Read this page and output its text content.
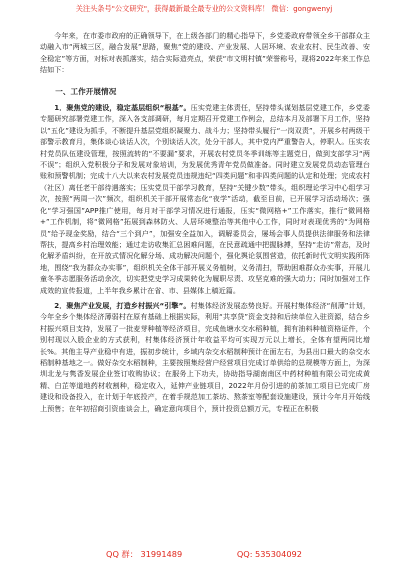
关注头条号"公文研究"，获得最新最全最专业的公文资料库！ 微信：gongwenyj

今年来，在市委市政府的正确领导下，在上级各部门的精心指导下，乡党委政府带领全乡干部群众主动融入市“两城三区，融合发展”思路，聚焦“党的建设、产业发展、人居环境、农业农村、民生改善、安全稳定”等方面，对标对表抓落实，结合实际造亮点，荣获“市文明村镇”荣誉称号，现将2022年来工作总结如下：

一、工作开展情况

1．聚焦党的建设，稳定基层组织“根基”。压实党建主体责任，坚持带头谋划基层党建工作，乡党委专题研究部署党建工作，深入各支部调研，每月定期召开党建工作例会，总结本月及部署下月工作，坚持以“五化”建设为抓手，不断提升基层党组织凝聚力、战斗力；坚持带头履行“一岗双责”，开展乡村两级干部警示教育月，集体谈心谈话人次，个别谈话人次，处分干部人，其中党内严重警告人，停职人。压实农村党员队伍建设管理，按照流转的“不要漏”要求，开展农村党员冬季训练等主题党日，做到支部学习“两不误”；组织入党积极分子和发展对象培训，为发展优秀青年党员做准备。同时建立发展党员动态管理台账和预警机制；完成十八大以来农村发展党员违规违纪“四类问题”和非四类问题的认定和处理；完成农村（社区）离任老干部待遇落实；压实党员干部学习教育，坚持“关键少数”带头，组织理论学习中心组学习次，按照“两周一次”频次，组织机关干部开展常态化“夜学”活动，截至目前，已开展学习活动场次；强化“学习强国”APP推广使用，每月对干部学习情况进行通报，压实“微网格+”工作落实，推行“微网格+”工作机制，将“微网格”拓展到森林防火、人居环境整治等其他中心工作，同时对表现优秀的“为网格员”给予现金奖励，结合“三个到户”，加强安全益加入，调解委员会，屡场会事人员提供法律服务和法律帮扶，提高乡村治理效能；通过走访收集汇总困难问题，在民意疏通中把握脉搏，坚持“走访”常态，及时化解矛盾纠纷，在开放式情况化解分场、成功解决问题个，强化舆论氛围营造，依托新时代文明实践所阵地，围绕“我为群众办实事”，组织机关全体干部开展义务植树，义务清扫，帮助困难群众办实事，开展儿童冬季志愿服务活动余次，切实把党史学习成果转化为履职尽责、攻坚克难的强大动力；同时加强对工作成效的宣传报道，上半年我乡累计在省、市、县媒体上稿近篇。

2．聚焦产业发展，打造乡村振兴“引擎”。村集体经济发展态势良好。开展村集体经济“削薄”计划，今年全乡个集体经济薄弱村在原有基础上根据实际，利用“共享贷”资金支持和后续单位入驻资源，结合乡村振兴项目支持，发展了一批麦芽种植等经济项目，完成鱼塘水交水稻种植，拥有油料种植资格证件，个别村现以入股企业的方式获利，村集体经济预计年收益平均可实现万元以上增长，全体有望两同比增长%。其他主导产业稳中有进，振初步统计，乡域内杂交水稻制种预计在面左右，为县出口最大的杂交水稻制种基地之一。做好杂交水稻制种，主要按照集经营户经营项目完成订单供给的总规模等方面上，为深圳北龙与隽香发展企业签订收购协议；在服务上下功夫，协助指导湖南南区中药材种植有限公司完成黄精、白芷等道地药材收割种，稳定收入，延伸产业链项目，2022年月份引进的前茶加工项目已完成厂房建设和设备投入，在计划于年底投产，在着手规范加工茶坊、熬茶室等配套设施建设，预计今年月开始线上预售；在年初招商引资座谈会上，确定意向项目个，预计投资总额万元，专程正在积极

QQ 群： 31991489	QQ: 535304092
